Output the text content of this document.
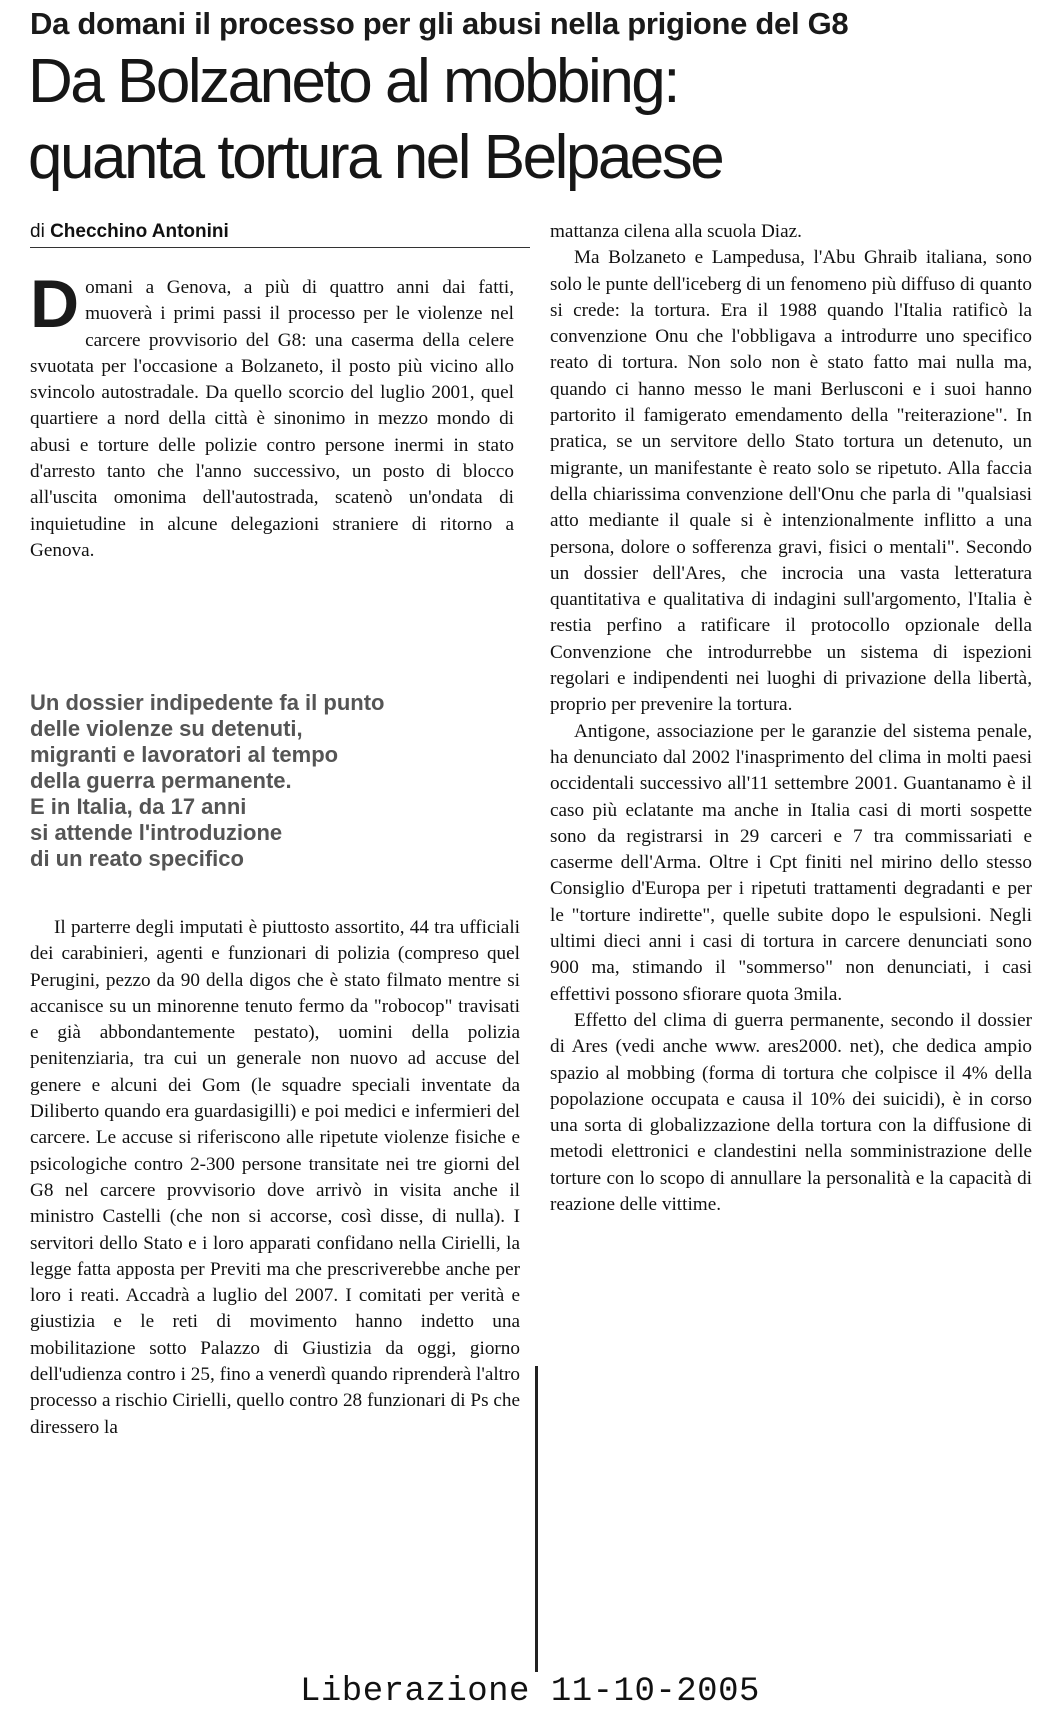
Da domani il processo per gli abusi nella prigione del G8
Da Bolzaneto al mobbing:
quanta tortura nel Belpaese
di Checchino Antonini

Domani a Genova, a più di quattro anni dai fatti, muoverà i primi passi il processo per le violenze nel carcere provvisorio del G8: una caserma della celere svuotata per l'occasione a Bolzaneto, il posto più vicino allo svincolo autostradale. Da quello scorcio del luglio 2001, quel quartiere a nord della città è sinonimo in mezzo mondo di abusi e torture delle polizie contro persone inermi in stato d'arresto tanto che l'anno successivo, un posto di blocco all'uscita omonima dell'autostrada, scatenò un'ondata di inquietudine in alcune delegazioni straniere di ritorno a Genova.

Un dossier indipedente fa il punto
delle violenze su detenuti,
migranti e lavoratori al tempo
della guerra permanente.
E in Italia, da 17 anni
si attende l'introduzione
di un reato specifico

Il parterre degli imputati è piuttosto assortito, 44 tra ufficiali dei carabinieri, agenti e funzionari di polizia (compreso quel Perugini, pezzo da 90 della digos che è stato filmato mentre si accanisce su un minorenne tenuto fermo da "robocop" travisati e già abbondantemente pestato), uomini della polizia penitenziaria, tra cui un generale non nuovo ad accuse del genere e alcuni dei Gom (le squadre speciali inventate da Diliberto quando era guardasigilli) e poi medici e infermieri del carcere. Le accuse si riferiscono alle ripetute violenze fisiche e psicologiche contro 2-300 persone transitate nei tre giorni del G8 nel carcere provvisorio dove arrivò in visita anche il ministro Castelli (che non si accorse, così disse, di nulla). I servitori dello Stato e i loro apparati confidano nella Cirielli, la legge fatta apposta per Previti ma che prescriverebbe anche per loro i reati. Accadrà a luglio del 2007. I comitati per verità e giustizia e le reti di movimento hanno indetto una mobilitazione sotto Palazzo di Giustizia da oggi, giorno dell'udienza contro i 25, fino a venerdì quando riprenderà l'altro processo a rischio Cirielli, quello contro 28 funzionari di Ps che diressero la

mattanza cilena alla scuola Diaz.

Ma Bolzaneto e Lampedusa, l'Abu Ghraib italiana, sono solo le punte dell'iceberg di un fenomeno più diffuso di quanto si crede: la tortura. Era il 1988 quando l'Italia ratificò la convenzione Onu che l'obbligava a introdurre uno specifico reato di tortura. Non solo non è stato fatto mai nulla ma, quando ci hanno messo le mani Berlusconi e i suoi hanno partorito il famigerato emendamento della "reiterazione". In pratica, se un servitore dello Stato tortura un detenuto, un migrante, un manifestante è reato solo se ripetuto. Alla faccia della chiarissima convenzione dell'Onu che parla di "qualsiasi atto mediante il quale si è intenzionalmente inflitto a una persona, dolore o sofferenza gravi, fisici o mentali". Secondo un dossier dell'Ares, che incrocia una vasta letteratura quantitativa e qualitativa di indagini sull'argomento, l'Italia è restia perfino a ratificare il protocollo opzionale della Convenzione che introdurrebbe un sistema di ispezioni regolari e indipendenti nei luoghi di privazione della libertà, proprio per prevenire la tortura.

Antigone, associazione per le garanzie del sistema penale, ha denunciato dal 2002 l'inasprimento del clima in molti paesi occidentali successivo all'11 settembre 2001. Guantanamo è il caso più eclatante ma anche in Italia casi di morti sospette sono da registrarsi in 29 carceri e 7 tra commissariati e caserme dell'Arma. Oltre i Cpt finiti nel mirino dello stesso Consiglio d'Europa per i ripetuti trattamenti degradanti e per le "torture indirette", quelle subite dopo le espulsioni. Negli ultimi dieci anni i casi di tortura in carcere denunciati sono 900 ma, stimando il "sommerso" non denunciati, i casi effettivi possono sfiorare quota 3mila.

Effetto del clima di guerra permanente, secondo il dossier di Ares (vedi anche www. ares2000. net), che dedica ampio spazio al mobbing (forma di tortura che colpisce il 4% della popolazione occupata e causa il 10% dei suicidi), è in corso una sorta di globalizzazione della tortura con la diffusione di metodi elettronici e clandestini nella somministrazione delle torture con lo scopo di annullare la personalità e la capacità di reazione delle vittime.

Liberazione 11-10-2005
